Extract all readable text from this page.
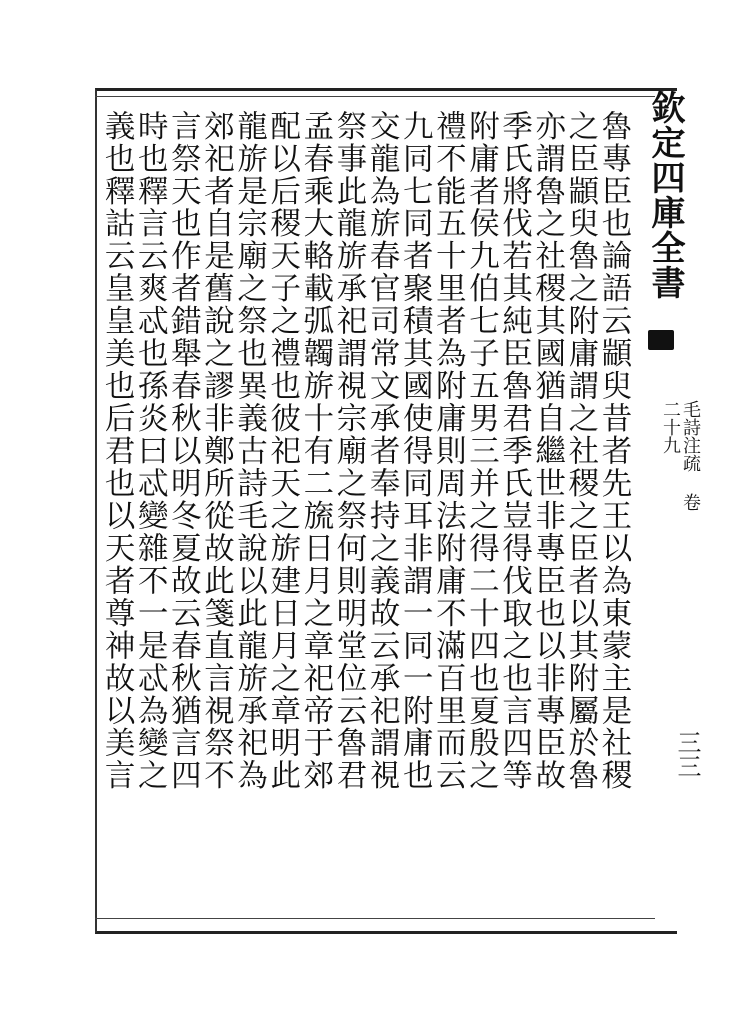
欽定四庫全書
毛詩注疏 卷二十九
三三
魯專臣也論語云顓臾昔者先王以為東蒙主是社稷
之臣顓臾魯之附庸謂之社稷之臣者以其附屬於魯
亦謂魯之社稷其國猶自繼世非專臣也以非專臣故
季氏將伐若其純臣魯君季氏豈得伐取之也言四等
附庸者侯九伯七子五男三并之得二十四也夏殷之
禮不能五十里者為附庸則周法附庸不滿百里而云
九同七同者聚積其國使得同耳非謂一同一附庸也
交龍為旂春官司常文承者奉持之義故云承祀謂視
祭事此龍旂承祀謂視宗廟之祭何則明堂位云魯君
孟春乘大輅載弧韣旂十有二旒日月之章祀帝于郊
配以后稷天子之禮也彼祀天之旂建日月之章明此
龍旂是宗廟之祭也異義古詩毛說以此龍旂承祀為
郊祀者自是舊說之謬非鄭所從故此箋直言視祭不
言祭天也作者錯舉春秋以明冬夏故云春秋猶言四
時也釋言云爽忒也孫炎曰忒變雜不一是忒為變之
義也釋詁云皇皇美也后君也以天者尊神故以美言
